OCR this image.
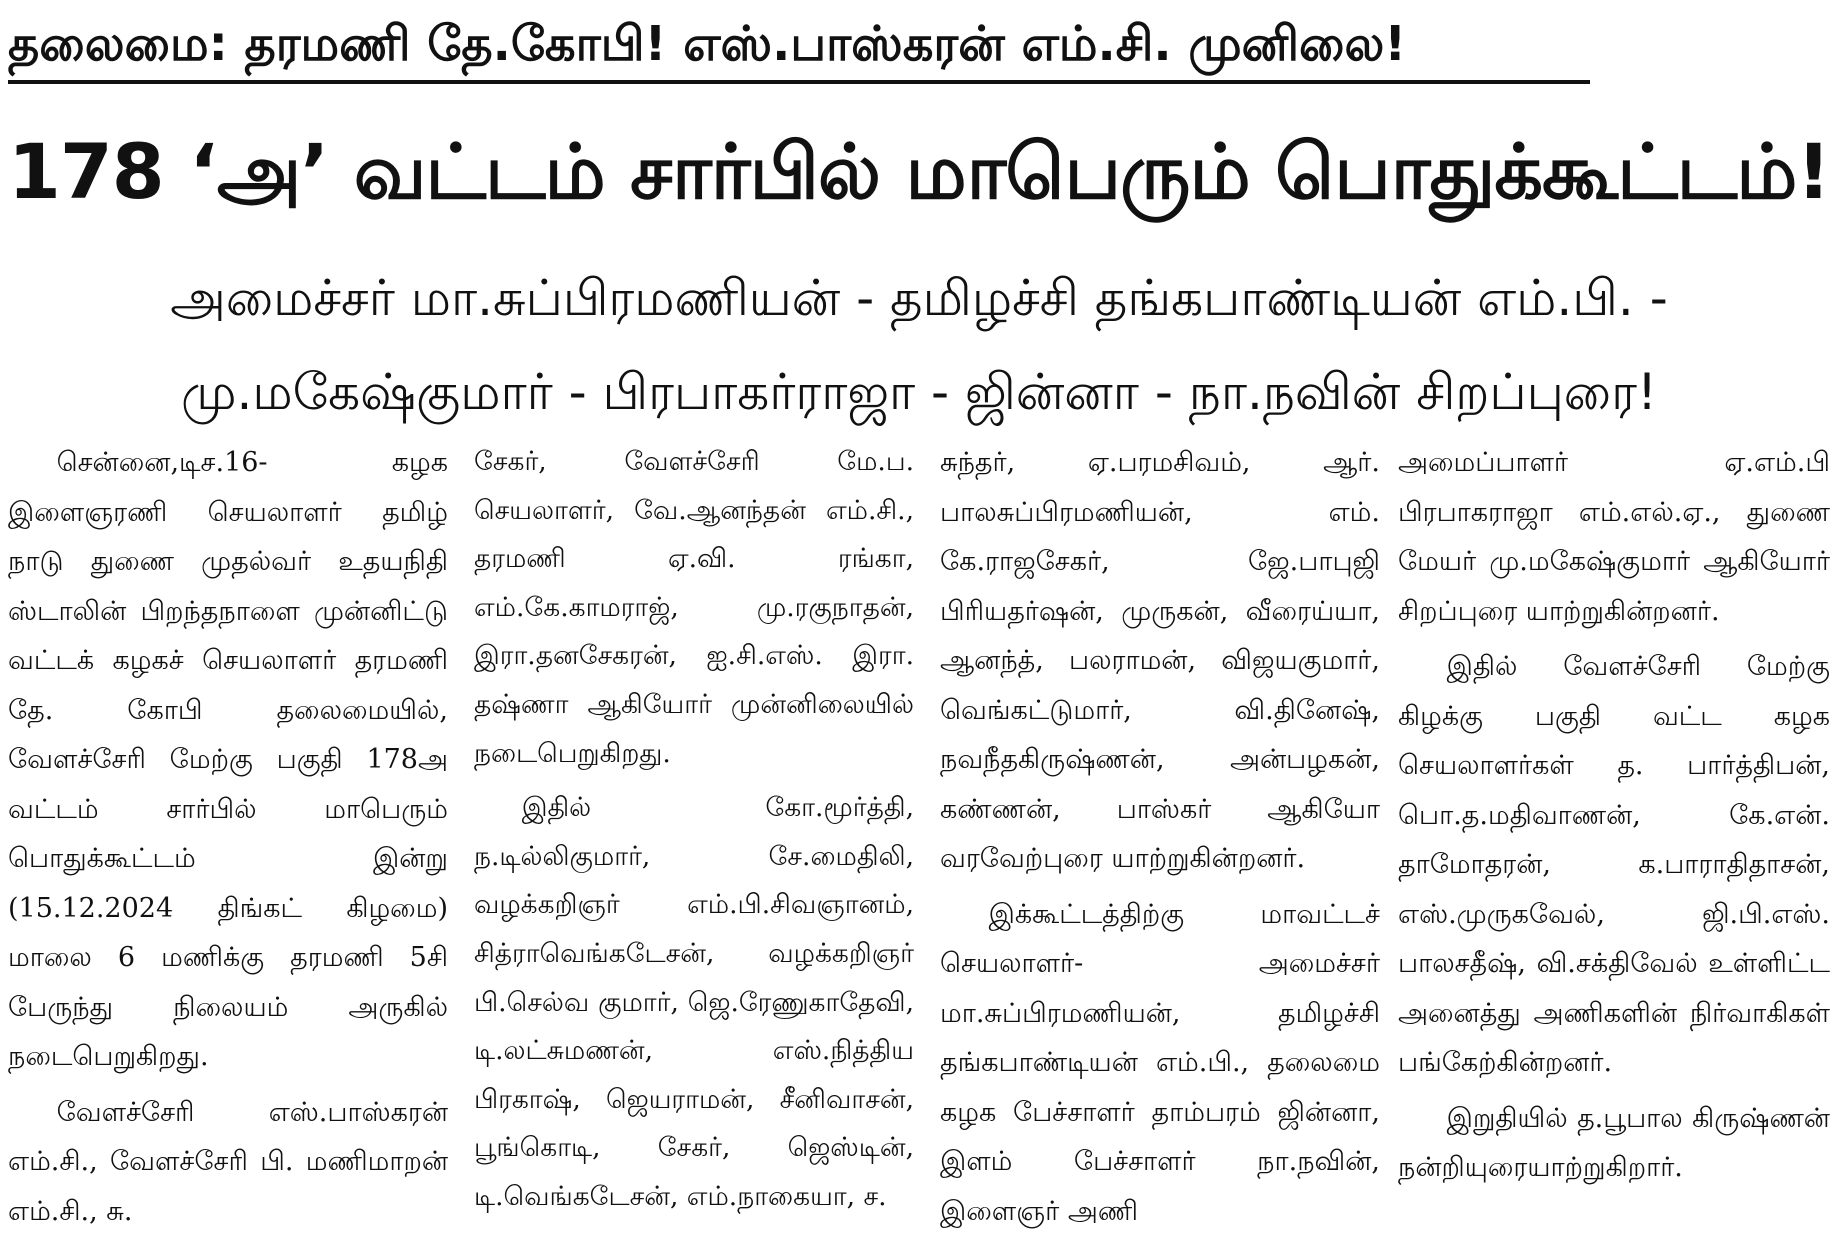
தலைமை: தரமணி தே.கோபி! எஸ்.பாஸ்கரன் எம்.சி. முனிலை!
178 ‘அ’ வட்டம் சார்பில் மாபெரும் பொதுக்கூட்டம்!
அமைச்சர் மா.சுப்பிரமணியன் - தமிழச்சி தங்கபாண்டியன் எம்.பி. -
மு.மகேஷ்குமார் - பிரபாகர்ராஜா - ஜின்னா - நா.நவின் சிறப்புரை!

சென்னை,டிச.16- கழக இளைஞரணி செயலாளர் தமிழ் நாடு துணை முதல்வர் உதயநிதி ஸ்டாலின் பிறந்தநாளை முன்னிட்டு வட்டக் கழகச் செயலாளர் தரமணி தே. கோபி தலைமையில், வேளச்சேரி மேற்கு பகுதி 178அ வட்டம் சார்பில் மாபெரும் பொதுக்கூட்டம் இன்று (15.12.2024 திங்கட் கிழமை) மாலை 6 மணிக்கு தரமணி 5சி பேருந்து நிலையம் அருகில் நடைபெறுகிறது.

வேளச்சேரி எஸ்.பாஸ்கரன் எம்.சி., வேளச்சேரி பி. மணிமாறன் எம்.சி., சு.

சேகர், வேளச்சேரி மே.ப. செயலாளர், வே.ஆனந்தன் எம்.சி., தரமணி ஏ.வி. ரங்கா, எம்.கே.காமராஜ், மு.ரகுநாதன், இரா.தனசேகரன், ஐ.சி.எஸ். இரா. தஷ்ணா ஆகியோர் முன்னிலையில் நடைபெறுகிறது.

இதில் கோ.மூர்த்தி, ந.டில்லிகுமார், சே.மைதிலி, வழக்கறிஞர் எம்.பி.சிவஞானம், சித்ராவெங்கடேசன், வழக்கறிஞர் பி.செல்வ குமார், ஜெ.ரேணுகாதேவி, டி.லட்சுமணன், எஸ்.நித்திய பிரகாஷ், ஜெயராமன், சீனிவாசன், பூங்கொடி, சேகர், ஜெஸ்டின், டி.வெங்கடேசன், எம்.நாகையா, ச.

சுந்தர், ஏ.பரமசிவம், ஆர். பாலசுப்பிரமணியன், எம். கே.ராஜசேகர், ஜே.பாபுஜி பிரியதர்ஷன், முருகன், வீரைய்யா, ஆனந்த், பலராமன், விஜயகுமார், வெங்கட்டுமார், வி.தினேஷ், நவநீதகிருஷ்ணன், அன்பழகன், கண்ணன், பாஸ்கர் ஆகியோ வரவேற்புரை யாற்றுகின்றனர்.

இக்கூட்டத்திற்கு மாவட்டச் செயலாளர்- அமைச்சர் மா.சுப்பிரமணியன், தமிழச்சி தங்கபாண்டியன் எம்.பி., தலைமை கழக பேச்சாளர் தாம்பரம் ஜின்னா, இளம் பேச்சாளர் நா.நவின், இளைஞர் அணி

அமைப்பாளர் ஏ.எம்.பி பிரபாகராஜா எம்.எல்.ஏ., துணை மேயர் மு.மகேஷ்குமார் ஆகியோர் சிறப்புரை யாற்றுகின்றனர்.

இதில் வேளச்சேரி மேற்கு கிழக்கு பகுதி வட்ட கழக செயலாளர்கள் த. பார்த்திபன், பொ.த.மதிவாணன், கே.என். தாமோதரன், க.பாராதிதாசன், எஸ்.முருகவேல், ஜி.பி.எஸ். பாலசதீஷ், வி.சக்திவேல் உள்ளிட்ட அனைத்து அணிகளின் நிர்வாகிகள் பங்கேற்கின்றனர்.

இறுதியில் த.பூபால கிருஷ்ணன் நன்றியுரையாற்றுகிறார்.
